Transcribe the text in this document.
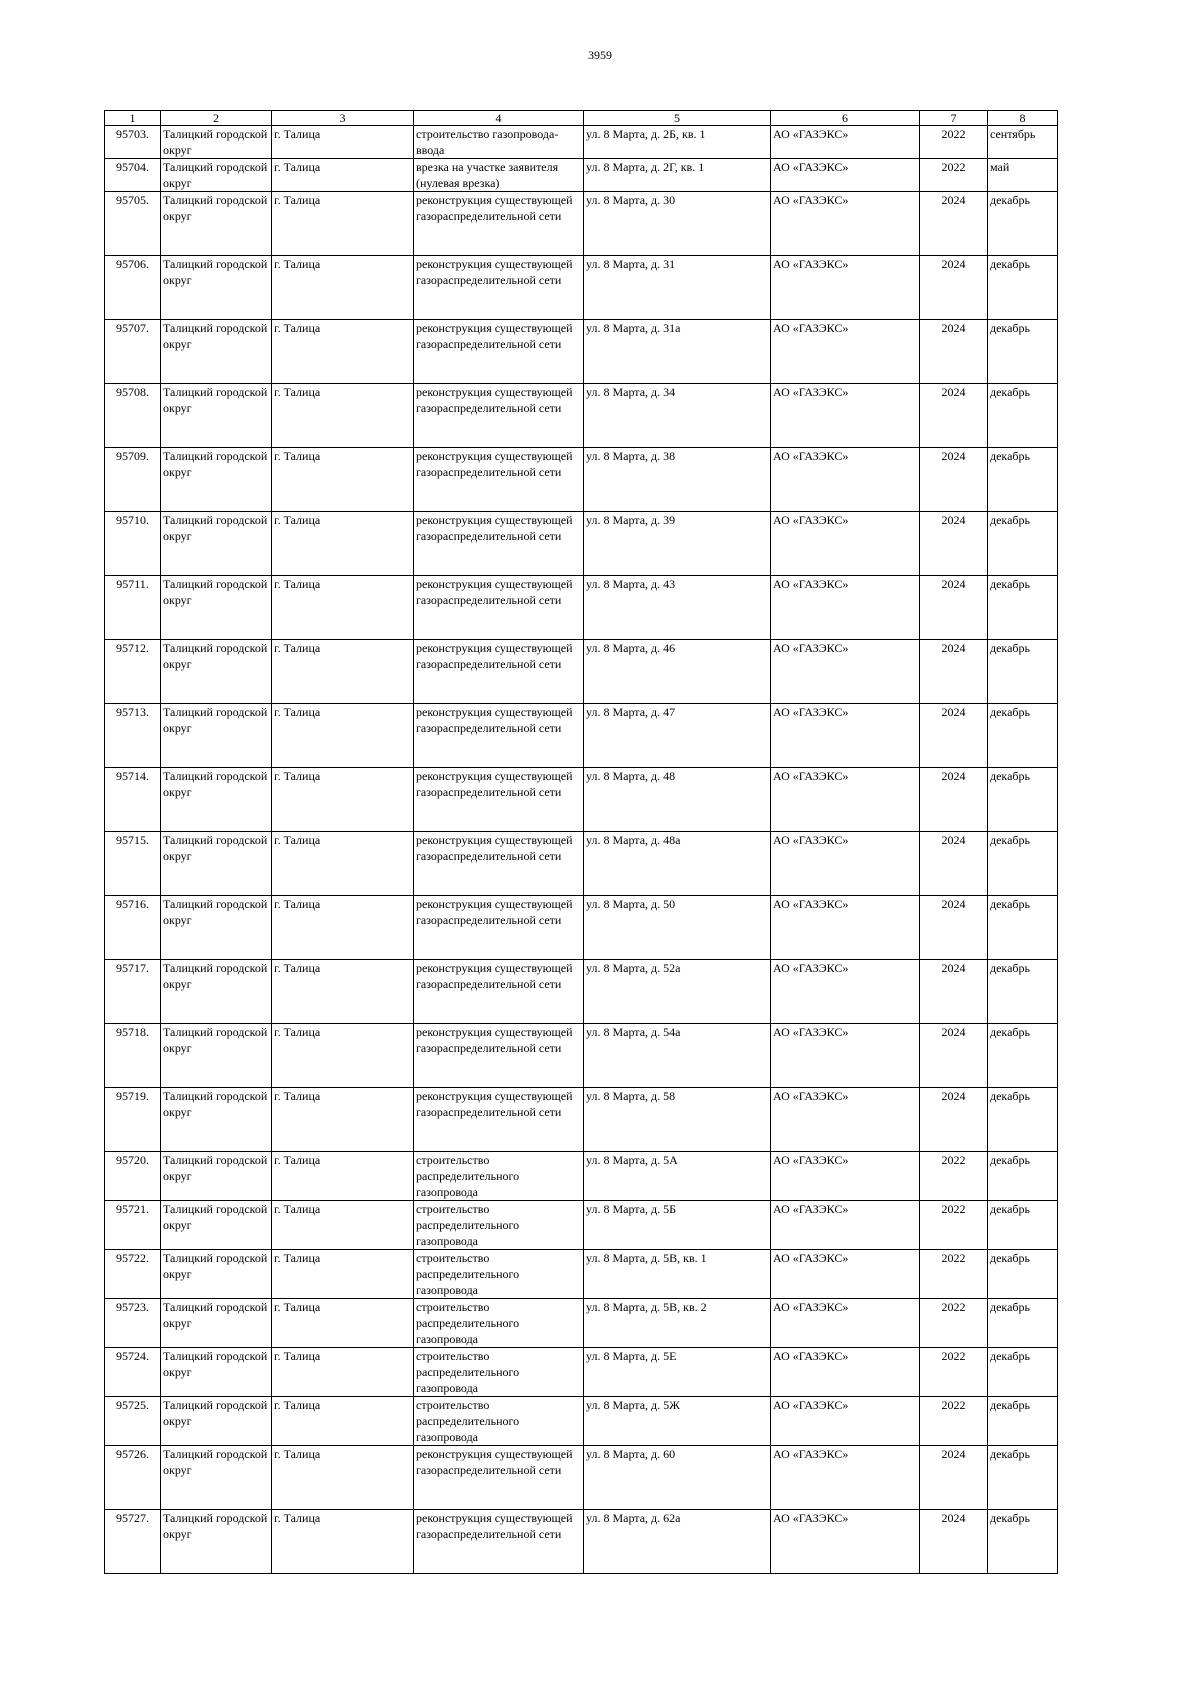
3959
1	2	3	4	5	6	7	8
95703.	Талицкий городской округ	г. Талица	строительство газопровода-ввода	ул. 8 Марта, д. 2Б, кв. 1	АО «ГАЗЭКС»	2022	сентябрь
95704.	Талицкий городской округ	г. Талица	врезка на участке заявителя (нулевая врезка)	ул. 8 Марта, д. 2Г, кв. 1	АО «ГАЗЭКС»	2022	май
95705.	Талицкий городской округ	г. Талица	реконструкция существующей газораспределительной сети	ул. 8 Марта, д. 30	АО «ГАЗЭКС»	2024	декабрь
95706.	Талицкий городской округ	г. Талица	реконструкция существующей газораспределительной сети	ул. 8 Марта, д. 31	АО «ГАЗЭКС»	2024	декабрь
95707.	Талицкий городской округ	г. Талица	реконструкция существующей газораспределительной сети	ул. 8 Марта, д. 31а	АО «ГАЗЭКС»	2024	декабрь
95708.	Талицкий городской округ	г. Талица	реконструкция существующей газораспределительной сети	ул. 8 Марта, д. 34	АО «ГАЗЭКС»	2024	декабрь
95709.	Талицкий городской округ	г. Талица	реконструкция существующей газораспределительной сети	ул. 8 Марта, д. 38	АО «ГАЗЭКС»	2024	декабрь
95710.	Талицкий городской округ	г. Талица	реконструкция существующей газораспределительной сети	ул. 8 Марта, д. 39	АО «ГАЗЭКС»	2024	декабрь
95711.	Талицкий городской округ	г. Талица	реконструкция существующей газораспределительной сети	ул. 8 Марта, д. 43	АО «ГАЗЭКС»	2024	декабрь
95712.	Талицкий городской округ	г. Талица	реконструкция существующей газораспределительной сети	ул. 8 Марта, д. 46	АО «ГАЗЭКС»	2024	декабрь
95713.	Талицкий городской округ	г. Талица	реконструкция существующей газораспределительной сети	ул. 8 Марта, д. 47	АО «ГАЗЭКС»	2024	декабрь
95714.	Талицкий городской округ	г. Талица	реконструкция существующей газораспределительной сети	ул. 8 Марта, д. 48	АО «ГАЗЭКС»	2024	декабрь
95715.	Талицкий городской округ	г. Талица	реконструкция существующей газораспределительной сети	ул. 8 Марта, д. 48а	АО «ГАЗЭКС»	2024	декабрь
95716.	Талицкий городской округ	г. Талица	реконструкция существующей газораспределительной сети	ул. 8 Марта, д. 50	АО «ГАЗЭКС»	2024	декабрь
95717.	Талицкий городской округ	г. Талица	реконструкция существующей газораспределительной сети	ул. 8 Марта, д. 52а	АО «ГАЗЭКС»	2024	декабрь
95718.	Талицкий городской округ	г. Талица	реконструкция существующей газораспределительной сети	ул. 8 Марта, д. 54а	АО «ГАЗЭКС»	2024	декабрь
95719.	Талицкий городской округ	г. Талица	реконструкция существующей газораспределительной сети	ул. 8 Марта, д. 58	АО «ГАЗЭКС»	2024	декабрь
95720.	Талицкий городской округ	г. Талица	строительство распределительного газопровода	ул. 8 Марта, д. 5А	АО «ГАЗЭКС»	2022	декабрь
95721.	Талицкий городской округ	г. Талица	строительство распределительного газопровода	ул. 8 Марта, д. 5Б	АО «ГАЗЭКС»	2022	декабрь
95722.	Талицкий городской округ	г. Талица	строительство распределительного газопровода	ул. 8 Марта, д. 5В, кв. 1	АО «ГАЗЭКС»	2022	декабрь
95723.	Талицкий городской округ	г. Талица	строительство распределительного газопровода	ул. 8 Марта, д. 5В, кв. 2	АО «ГАЗЭКС»	2022	декабрь
95724.	Талицкий городской округ	г. Талица	строительство распределительного газопровода	ул. 8 Марта, д. 5Е	АО «ГАЗЭКС»	2022	декабрь
95725.	Талицкий городской округ	г. Талица	строительство распределительного газопровода	ул. 8 Марта, д. 5Ж	АО «ГАЗЭКС»	2022	декабрь
95726.	Талицкий городской округ	г. Талица	реконструкция существующей газораспределительной сети	ул. 8 Марта, д. 60	АО «ГАЗЭКС»	2024	декабрь
95727.	Талицкий городской округ	г. Талица	реконструкция существующей газораспределительной сети	ул. 8 Марта, д. 62а	АО «ГАЗЭКС»	2024	декабрь
